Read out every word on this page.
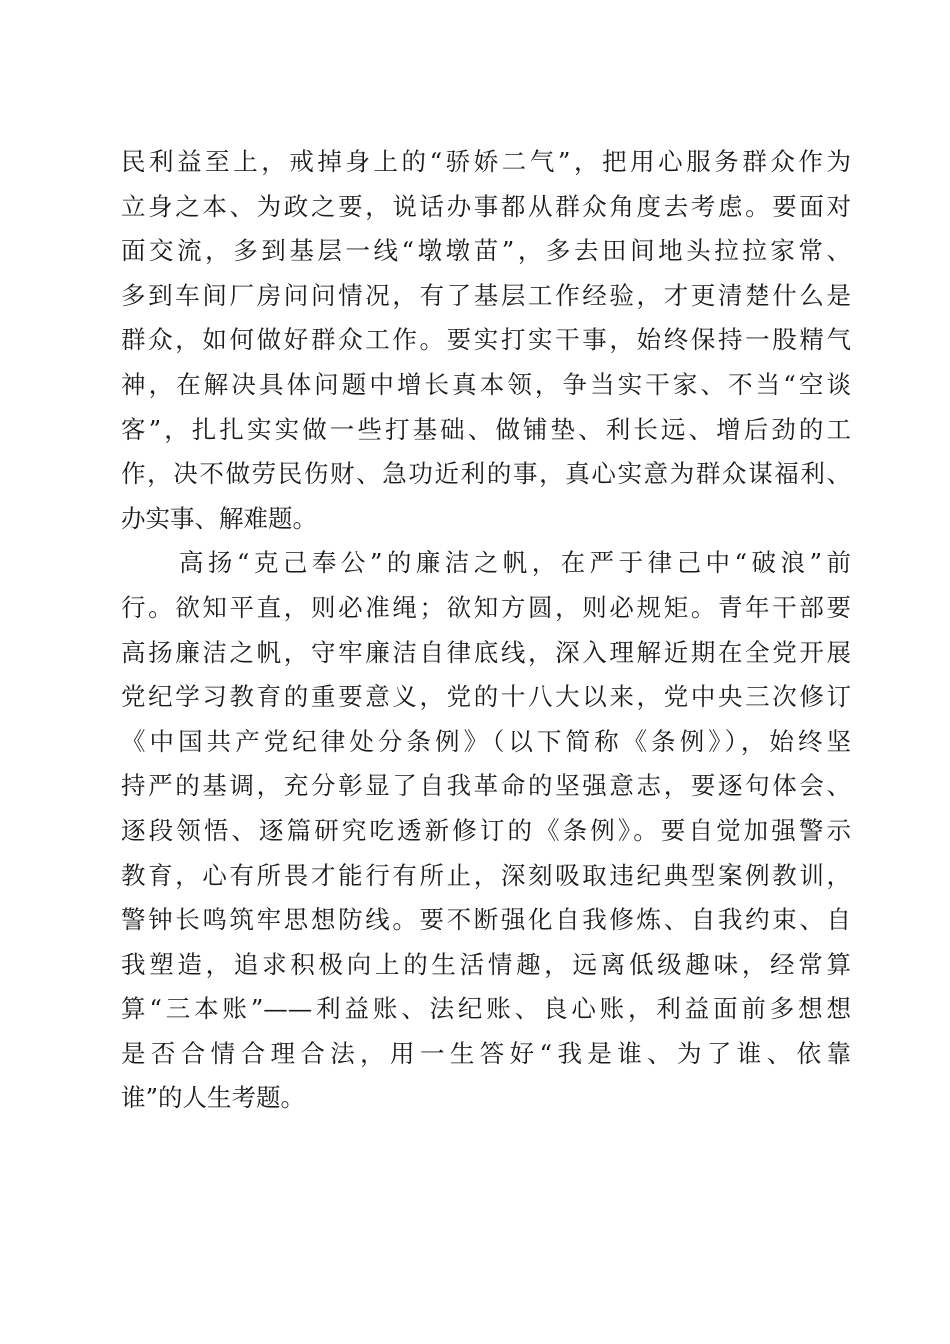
民利益至上，戒掉身上的“骄娇二气”，把用心服务群众作为
立身之本、为政之要，说话办事都从群众角度去考虑。要面对
面交流，多到基层一线“墩墩苗”，多去田间地头拉拉家常、
多到车间厂房问问情况，有了基层工作经验，才更清楚什么是
群众，如何做好群众工作。要实打实干事，始终保持一股精气
神，在解决具体问题中增长真本领，争当实干家、不当“空谈
客”，扎扎实实做一些打基础、做铺垫、利长远、增后劲的工
作，决不做劳民伤财、急功近利的事，真心实意为群众谋福利、
办实事、解难题。
　　高扬“克己奉公”的廉洁之帆，在严于律己中“破浪”前
行。欲知平直，则必准绳；欲知方圆，则必规矩。青年干部要
高扬廉洁之帆，守牢廉洁自律底线，深入理解近期在全党开展
党纪学习教育的重要意义，党的十八大以来，党中央三次修订
《中国共产党纪律处分条例》（以下简称《条例》），始终坚
持严的基调，充分彰显了自我革命的坚强意志，要逐句体会、
逐段领悟、逐篇研究吃透新修订的《条例》。要自觉加强警示
教育，心有所畏才能行有所止，深刻吸取违纪典型案例教训，
警钟长鸣筑牢思想防线。要不断强化自我修炼、自我约束、自
我塑造，追求积极向上的生活情趣，远离低级趣味，经常算
算“三本账”——利益账、法纪账、良心账，利益面前多想想
是否合情合理合法，用一生答好“我是谁、为了谁、依靠
谁”的人生考题。
